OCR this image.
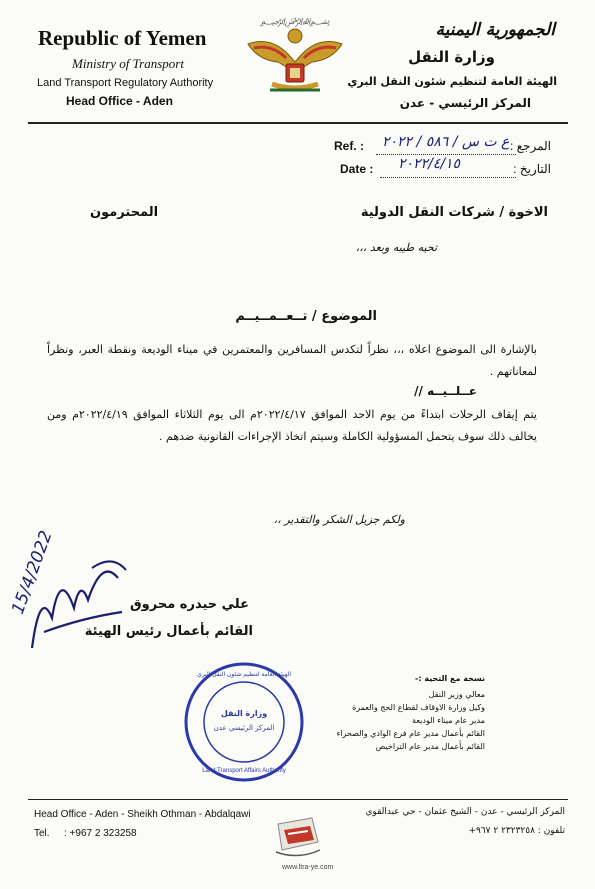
Republic of Yemen
Ministry of Transport
Land Transport Regulatory Authority
Head Office - Aden
﷽	الجمهورية اليمنية
وزارة النقل
الهيئة العامة لتنظيم شئون النقل البري
المركز الرئيسي - عدن
Ref. : ع ت س / ٥٨٦ / ٢٠٢٢ المرجع :
Date : ٢٠٢٢/٤/١٥	التاريخ :
الاخوة / شركات النقل الدولية
المحترمون
تحيه طيبه وبعد ،،،
الموضوع / تــعــمــيــم
بالإشارة الى الموضوع اعلاه ،،، نظراً لتكدس المسافرين والمعتمرين في ميناء الوديعة ونقطة العبر، ونظراً لمعاناتهم .
عــلــيــه //
يتم إيقاف الرحلات ابتداءً من يوم الاحد الموافق ٢٠٢٢/٤/١٧م الى يوم الثلاثاء الموافق ٢٠٢٢/٤/١٩م ومن يخالف ذلك سوف يتحمل المسؤولية الكاملة وسيتم اتخاذ الإجراءات القانونية ضدهم .
ولكم جزيل الشكر والتقدير ،،
15/4/2022	علي حيدره محروق
القائم بأعمال رئيس الهيئة
وزارة النقل
المركز الرئيسي عدن
الهيئة العامة لتنظيم شئون النقل البري
Land Transport Affairs Authority
نسخة مع التحية :-
معالي وزير النقل
وكيل وزارة الاوقاف لقطاع الحج والعمرة
مدير عام ميناء الوديعة
القائم بأعمال مدير عام فرع الوادي والصحراء
القائم بأعمال مدير عام التراخيص
Head Office - Aden - Sheikh Othman - Abdalqawi
Tel. : +967 2 323258
المركز الرئيسي - عدن - الشيخ عثمان - حي عبدالقوي
تلفون : ٢٣٢٣٢٥٨ ٢ ٩٦٧+
www.ltra-ye.com
